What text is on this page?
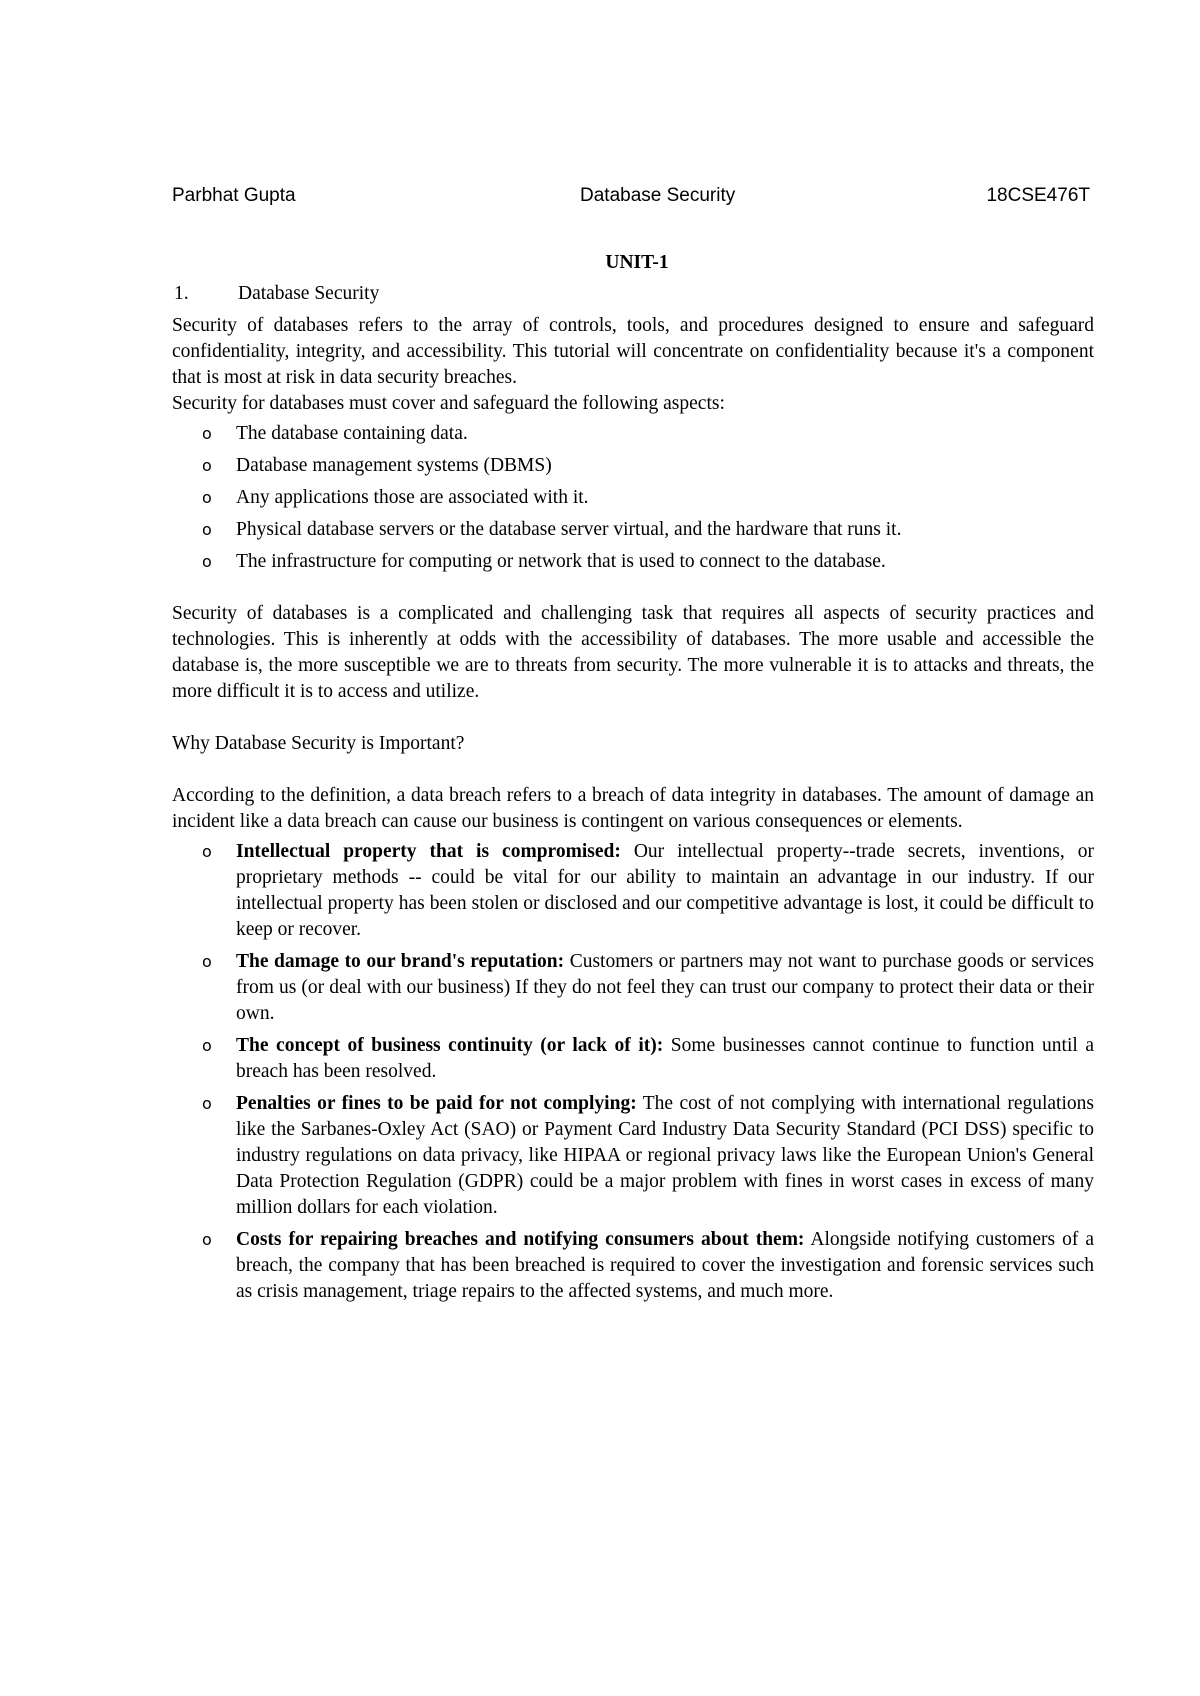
Parbhat Gupta	Database Security	18CSE476T
UNIT-1
1.	Database Security

Security of databases refers to the array of controls, tools, and procedures designed to ensure and safeguard confidentiality, integrity, and accessibility. This tutorial will concentrate on confidentiality because it's a component that is most at risk in data security breaches.

Security for databases must cover and safeguard the following aspects:

o The database containing data.
o Database management systems (DBMS)
o Any applications those are associated with it.
o Physical database servers or the database server virtual, and the hardware that runs it.
o The infrastructure for computing or network that is used to connect to the database.

Security of databases is a complicated and challenging task that requires all aspects of security practices and technologies. This is inherently at odds with the accessibility of databases. The more usable and accessible the database is, the more susceptible we are to threats from security. The more vulnerable it is to attacks and threats, the more difficult it is to access and utilize.

Why Database Security is Important?

According to the definition, a data breach refers to a breach of data integrity in databases. The amount of damage an incident like a data breach can cause our business is contingent on various consequences or elements.

o Intellectual property that is compromised: Our intellectual property--trade secrets, inventions, or proprietary methods -- could be vital for our ability to maintain an advantage in our industry. If our intellectual property has been stolen or disclosed and our competitive advantage is lost, it could be difficult to keep or recover.
o The damage to our brand's reputation: Customers or partners may not want to purchase goods or services from us (or deal with our business) If they do not feel they can trust our company to protect their data or their own.
o The concept of business continuity (or lack of it): Some businesses cannot continue to function until a breach has been resolved.
o Penalties or fines to be paid for not complying: The cost of not complying with international regulations like the Sarbanes-Oxley Act (SAO) or Payment Card Industry Data Security Standard (PCI DSS) specific to industry regulations on data privacy, like HIPAA or regional privacy laws like the European Union's General Data Protection Regulation (GDPR) could be a major problem with fines in worst cases in excess of many million dollars for each violation.
o Costs for repairing breaches and notifying consumers about them: Alongside notifying customers of a breach, the company that has been breached is required to cover the investigation and forensic services such as crisis management, triage repairs to the affected systems, and much more.
